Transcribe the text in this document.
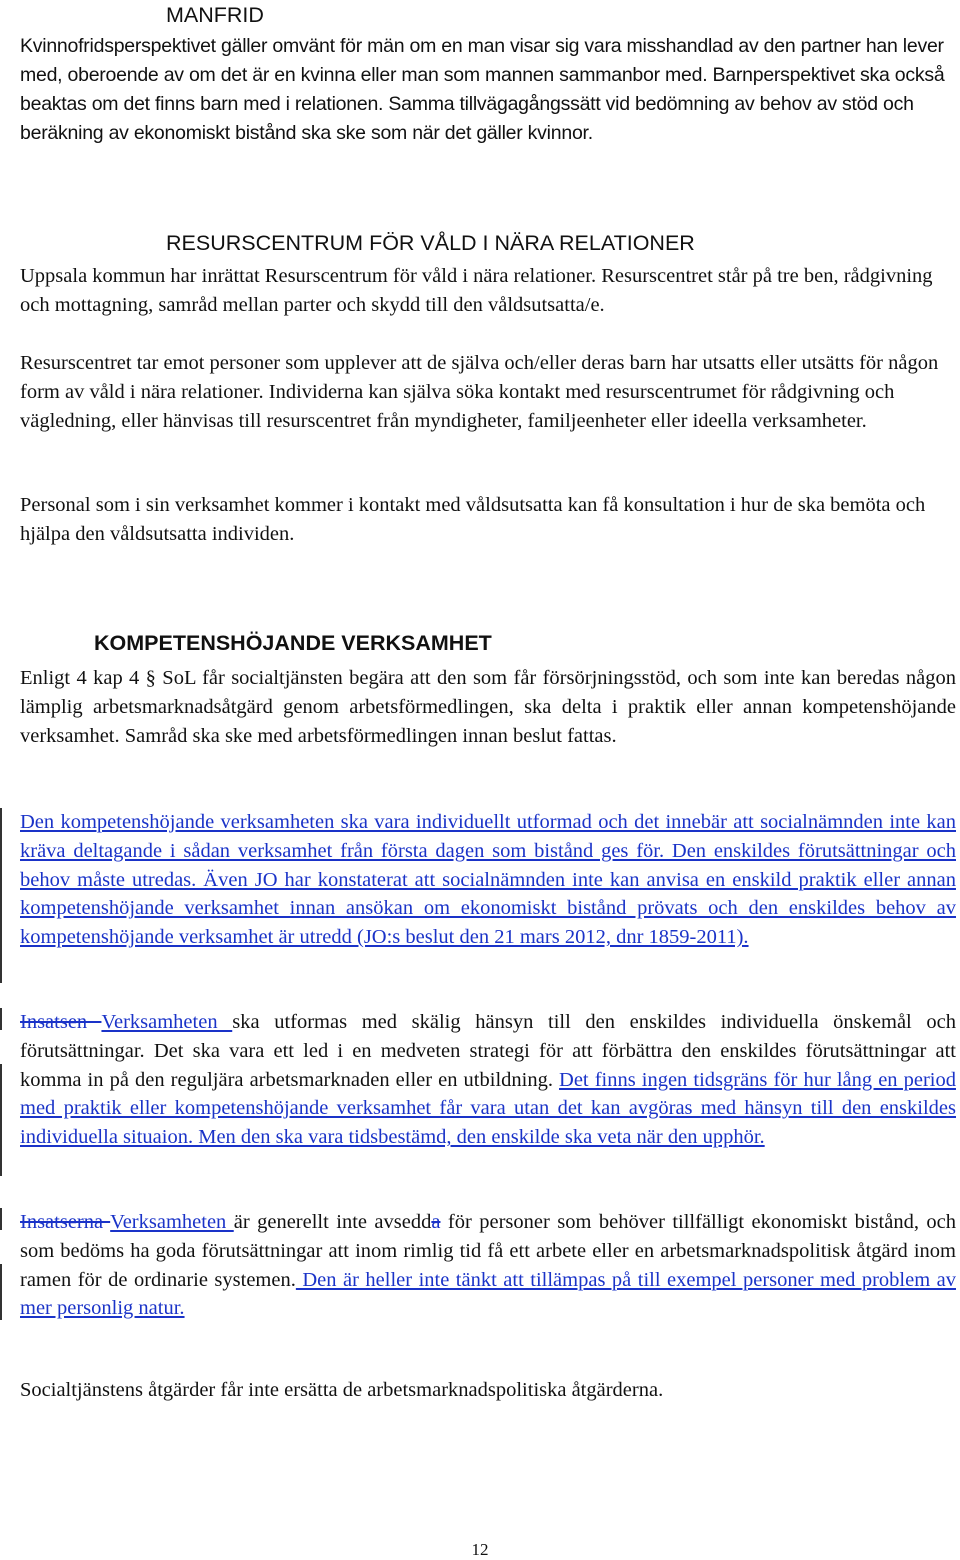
MANFRID

Kvinnofridsperspektivet gäller omvänt för män om en man visar sig vara misshandlad av den partner han lever med, oberoende av om det är en kvinna eller man som mannen sammanbor med. Barnperspektivet ska också beaktas om det finns barn med i relationen. Samma tillvägagångssätt vid bedömning av behov av stöd och beräkning av ekonomiskt bistånd ska ske som när det gäller kvinnor.

RESURSCENTRUM FÖR VÅLD I NÄRA RELATIONER

Uppsala kommun har inrättat Resurscentrum för våld i nära relationer. Resurscentret står på tre ben, rådgivning och mottagning, samråd mellan parter och skydd till den våldsutsatta/e.

Resurscentret tar emot personer som upplever att de själva och/eller deras barn har utsatts eller utsätts för någon form av våld i nära relationer. Individerna kan själva söka kontakt med resurscentrumet för rådgivning och vägledning, eller hänvisas till resurscentret från myndigheter, familjeenheter eller ideella verksamheter.

Personal som i sin verksamhet kommer i kontakt med våldsutsatta kan få konsultation i hur de ska bemöta och hjälpa den våldsutsatta individen.

KOMPETENSHÖJANDE VERKSAMHET

Enligt 4 kap 4 § SoL får socialtjänsten begära att den som får försörjningsstöd, och som inte kan beredas någon lämplig arbetsmarknadsåtgärd genom arbetsförmedlingen, ska delta i praktik eller annan kompetenshöjande verksamhet. Samråd ska ske med arbetsförmedlingen innan beslut fattas.

Den kompetenshöjande verksamheten ska vara individuellt utformad och det innebär att socialnämnden inte kan kräva deltagande i sådan verksamhet från första dagen som bistånd ges för. Den enskildes förutsättningar och behov måste utredas. Även JO har konstaterat att socialnämnden inte kan anvisa en enskild praktik eller annan kompetenshöjande verksamhet innan ansökan om ekonomiskt bistånd prövats och den enskildes behov av kompetenshöjande verksamhet är utredd (JO:s beslut den 21 mars 2012, dnr 1859-2011).

Insatsen Verksamheten ska utformas med skälig hänsyn till den enskildes individuella önskemål och förutsättningar. Det ska vara ett led i en medveten strategi för att förbättra den enskildes förutsättningar att komma in på den reguljära arbetsmarknaden eller en utbildning. Det finns ingen tidsgräns för hur lång en period med praktik eller kompetenshöjande verksamhet får vara utan det kan avgöras med hänsyn till den enskildes individuella situaion. Men den ska vara tidsbestämd, den enskilde ska veta när den upphör.

Insatserna Verksamheten är generellt inte avsedda för personer som behöver tillfälligt ekonomiskt bistånd, och som bedöms ha goda förutsättningar att inom rimlig tid få ett arbete eller en arbetsmarknadspolitisk åtgärd inom ramen för de ordinarie systemen. Den är heller inte tänkt att tillämpas på till exempel personer med problem av mer personlig natur.

Socialtjänstens åtgärder får inte ersätta de arbetsmarknadspolitiska åtgärderna.

12
